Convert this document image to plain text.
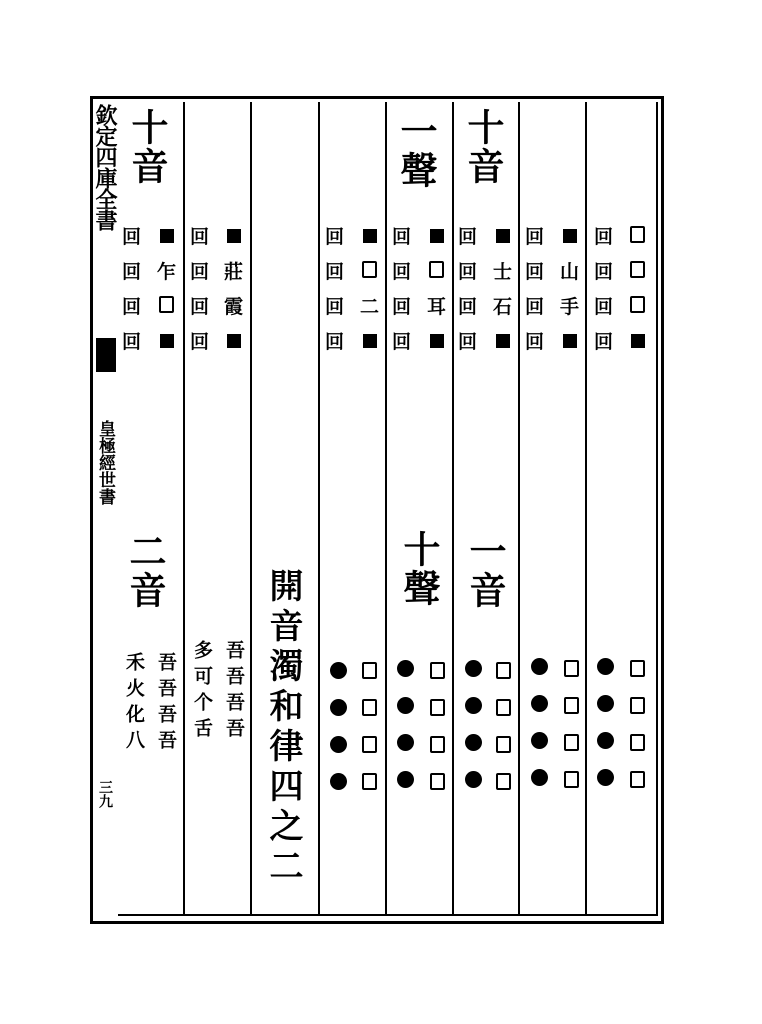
欽定四庫全書
皇極經世書
三九
十音
回
回
回
回
乍
二音
禾火化八 吾吾吾吾
回
回
回
回
莊
霞
多可个舌 吾吾吾吾 開音濁和律四之二
回
回
回
回
二
一聲
回
回
回
回
耳
十聲
十音
回
回
回
回
士
石
一音
回
回
回
回
山
手
回
回
回
回
